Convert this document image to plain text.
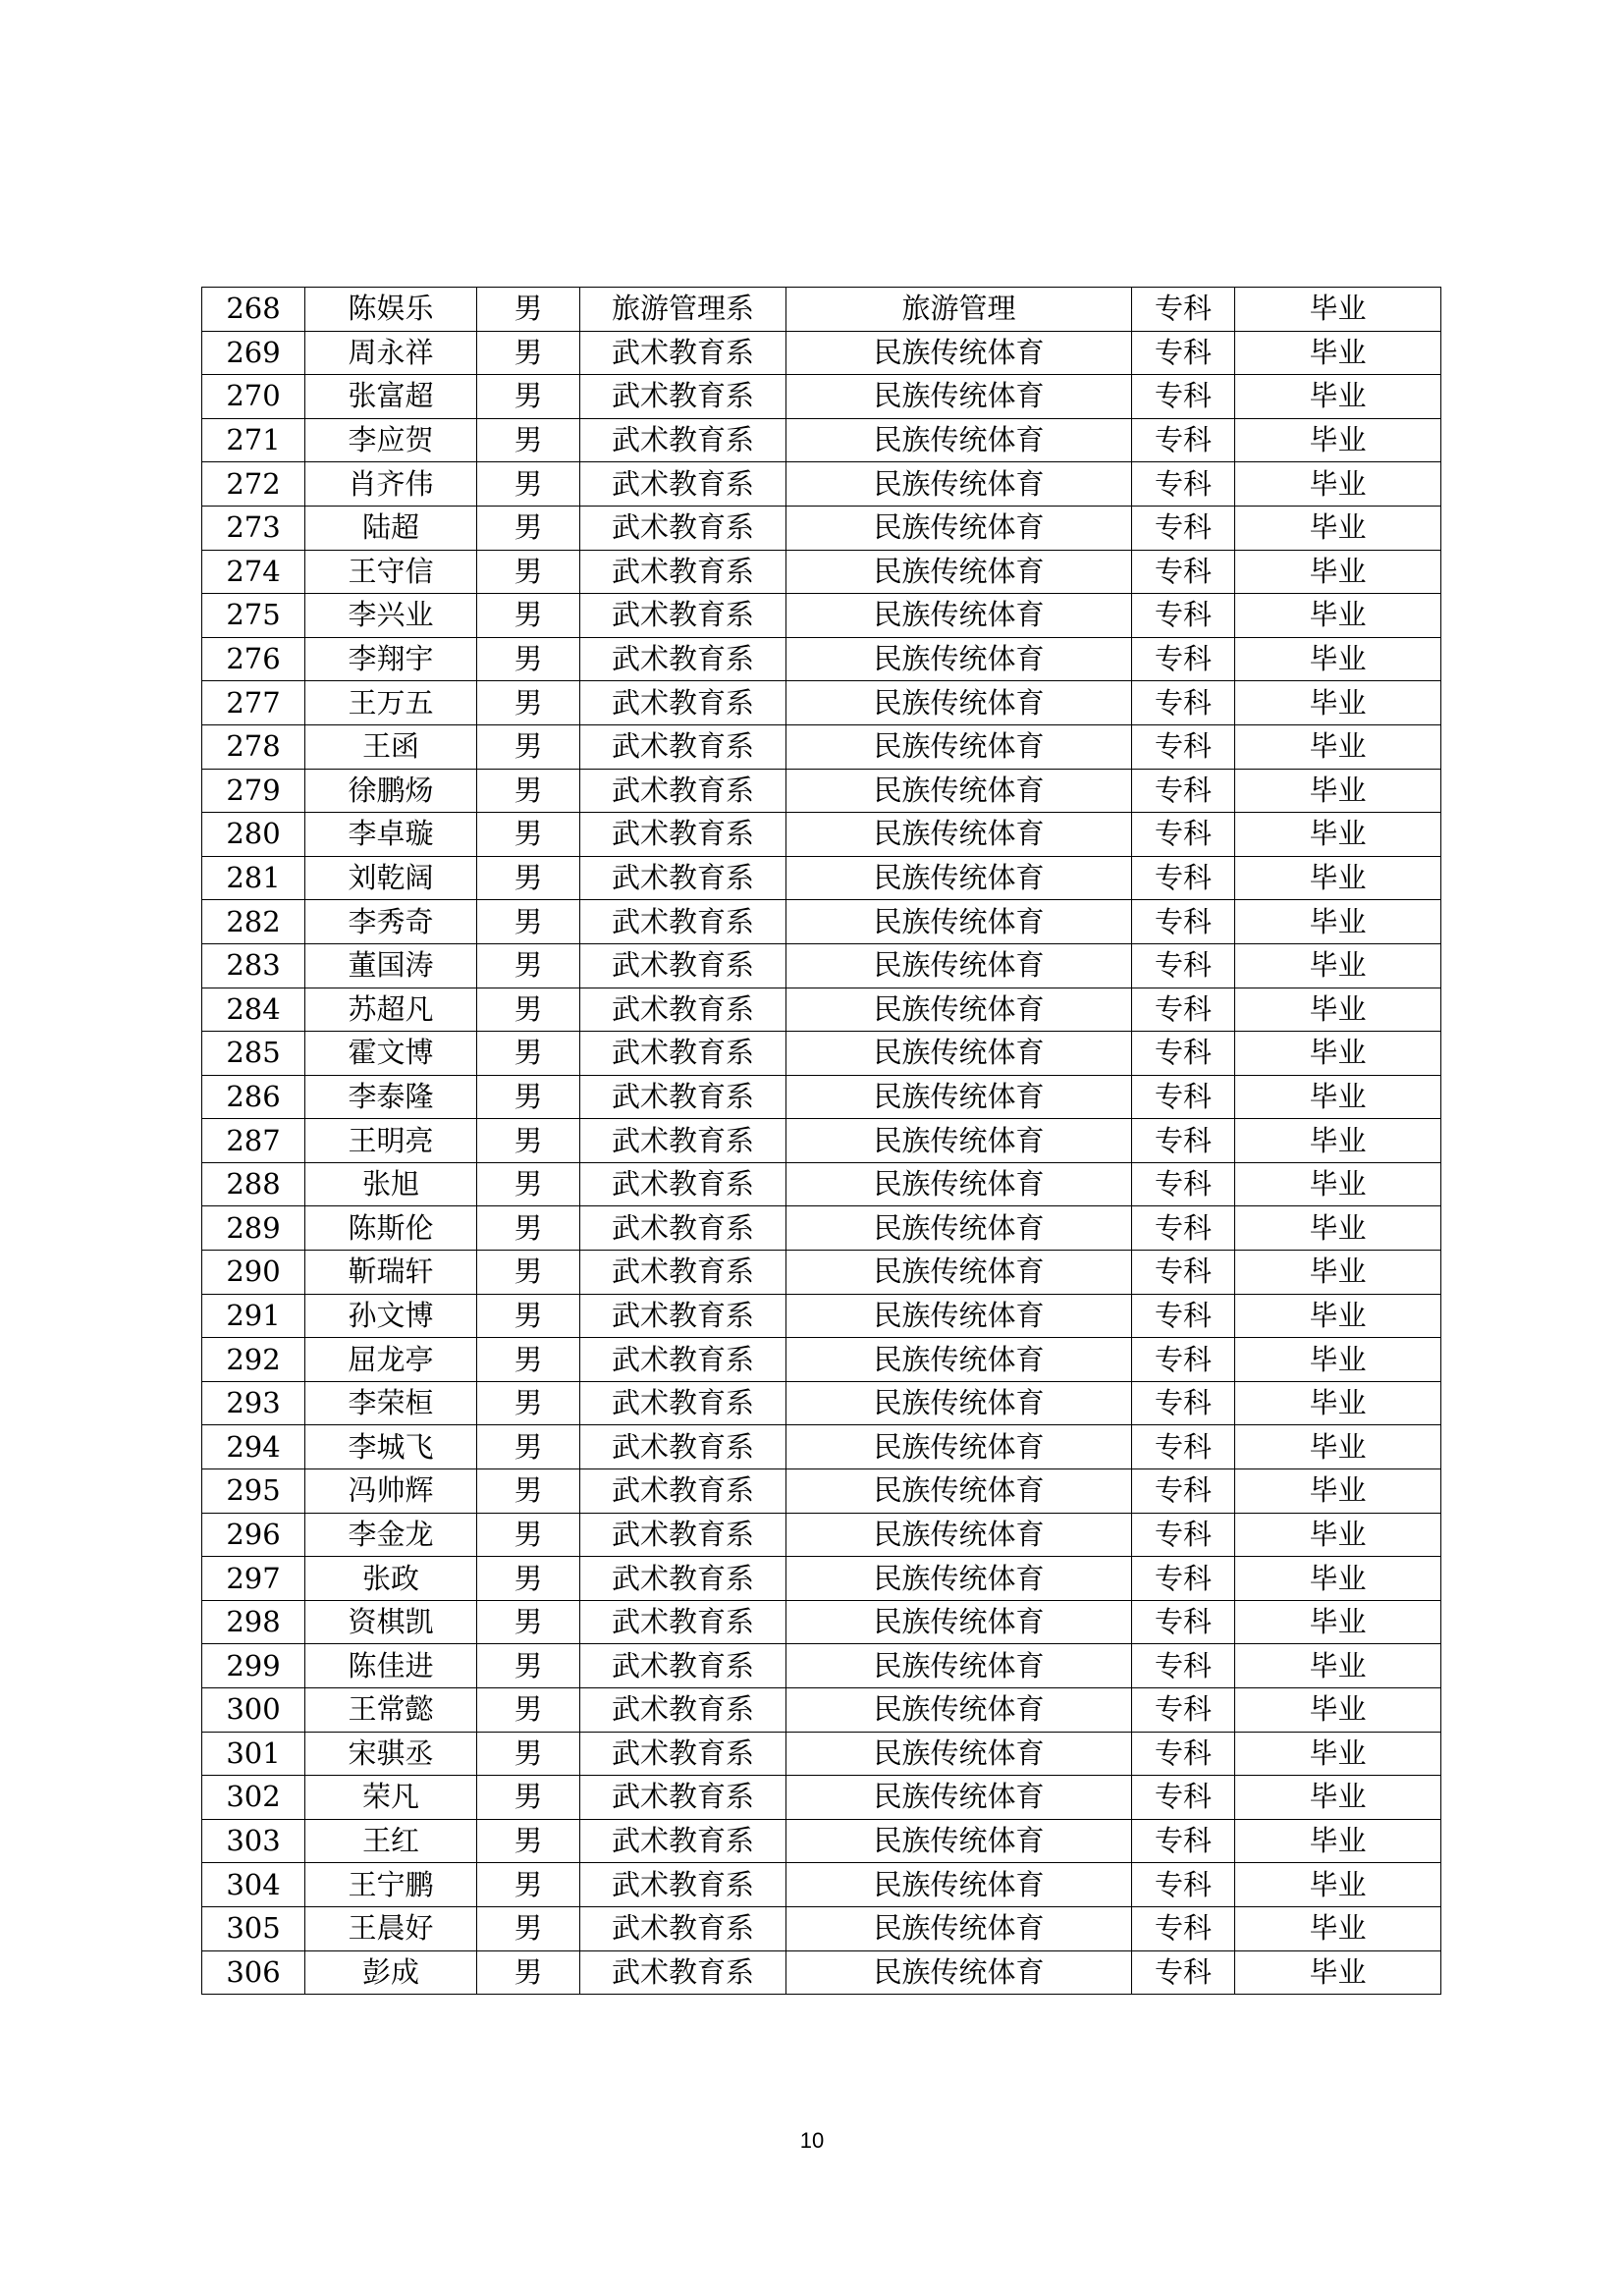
268	陈娱乐	男	旅游管理系	旅游管理	专科	毕业
269	周永祥	男	武术教育系	民族传统体育	专科	毕业
270	张富超	男	武术教育系	民族传统体育	专科	毕业
271	李应贺	男	武术教育系	民族传统体育	专科	毕业
272	肖齐伟	男	武术教育系	民族传统体育	专科	毕业
273	陆超	男	武术教育系	民族传统体育	专科	毕业
274	王守信	男	武术教育系	民族传统体育	专科	毕业
275	李兴业	男	武术教育系	民族传统体育	专科	毕业
276	李翔宇	男	武术教育系	民族传统体育	专科	毕业
277	王万五	男	武术教育系	民族传统体育	专科	毕业
278	王函	男	武术教育系	民族传统体育	专科	毕业
279	徐鹏炀	男	武术教育系	民族传统体育	专科	毕业
280	李卓璇	男	武术教育系	民族传统体育	专科	毕业
281	刘乾阔	男	武术教育系	民族传统体育	专科	毕业
282	李秀奇	男	武术教育系	民族传统体育	专科	毕业
283	董国涛	男	武术教育系	民族传统体育	专科	毕业
284	苏超凡	男	武术教育系	民族传统体育	专科	毕业
285	霍文博	男	武术教育系	民族传统体育	专科	毕业
286	李泰隆	男	武术教育系	民族传统体育	专科	毕业
287	王明亮	男	武术教育系	民族传统体育	专科	毕业
288	张旭	男	武术教育系	民族传统体育	专科	毕业
289	陈斯伦	男	武术教育系	民族传统体育	专科	毕业
290	靳瑞轩	男	武术教育系	民族传统体育	专科	毕业
291	孙文博	男	武术教育系	民族传统体育	专科	毕业
292	屈龙亭	男	武术教育系	民族传统体育	专科	毕业
293	李荣桓	男	武术教育系	民族传统体育	专科	毕业
294	李城飞	男	武术教育系	民族传统体育	专科	毕业
295	冯帅辉	男	武术教育系	民族传统体育	专科	毕业
296	李金龙	男	武术教育系	民族传统体育	专科	毕业
297	张政	男	武术教育系	民族传统体育	专科	毕业
298	资棋凯	男	武术教育系	民族传统体育	专科	毕业
299	陈佳进	男	武术教育系	民族传统体育	专科	毕业
300	王常懿	男	武术教育系	民族传统体育	专科	毕业
301	宋骐丞	男	武术教育系	民族传统体育	专科	毕业
302	荣凡	男	武术教育系	民族传统体育	专科	毕业
303	王红	男	武术教育系	民族传统体育	专科	毕业
304	王宁鹏	男	武术教育系	民族传统体育	专科	毕业
305	王晨好	男	武术教育系	民族传统体育	专科	毕业
306	彭成	男	武术教育系	民族传统体育	专科	毕业
10
